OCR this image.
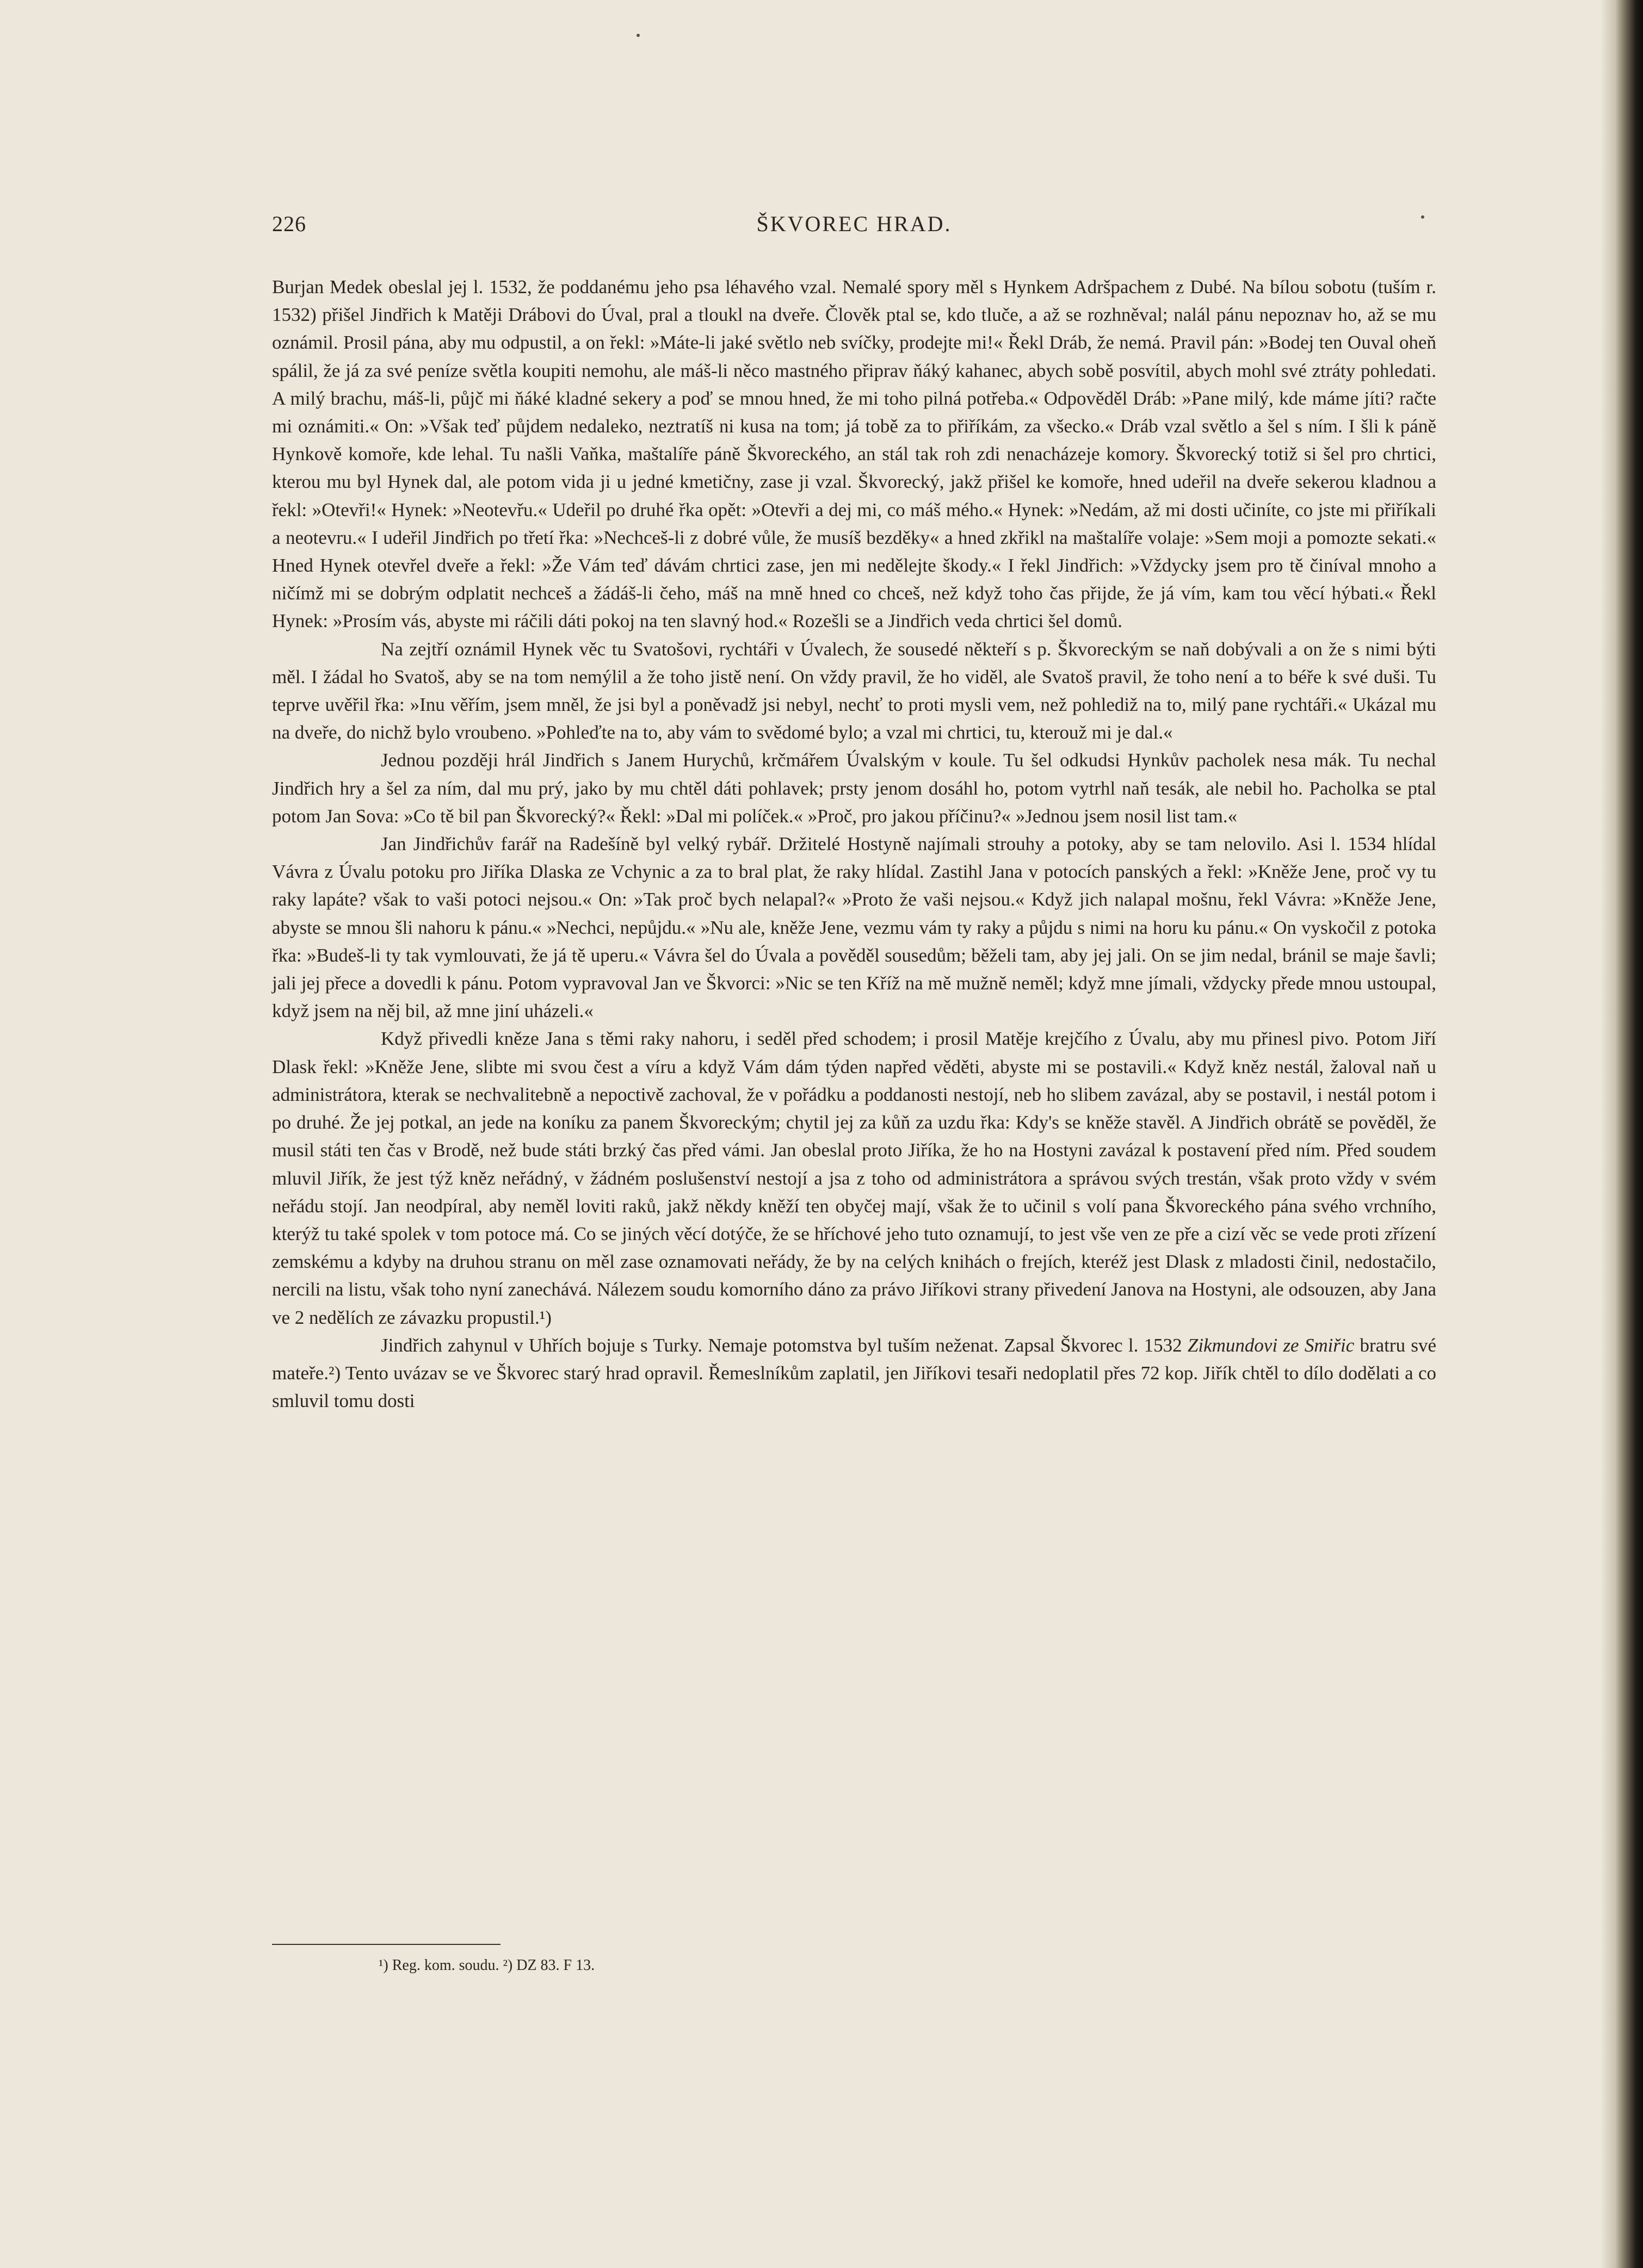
226	ŠKVOREC HRAD.

Burjan Medek obeslal jej l. 1532, že poddanému jeho psa léhavého vzal. Nemalé spory měl s Hynkem Adršpachem z Dubé. Na bílou sobotu (tuším r. 1532) přišel Jindřich k Matěji Drábovi do Úval, pral a tloukl na dveře. Člověk ptal se, kdo tluče, a až se rozhněval; nalál pánu nepoznav ho, až se mu oznámil. Prosil pána, aby mu odpustil, a on řekl: »Máte-li jaké světlo neb svíčky, prodejte mi!« Řekl Dráb, že nemá. Pravil pán: »Bodej ten Ouval oheň spálil, že já za své peníze světla koupiti nemohu, ale máš-li něco mastného připrav ňáký kahanec, abych sobě posvítil, abych mohl své ztráty pohledati. A milý brachu, máš-li, půjč mi ňáké kladné sekery a poď se mnou hned, že mi toho pilná potřeba.« Odpověděl Dráb: »Pane milý, kde máme jíti? račte mi oznámiti.« On: »Však teď půjdem nedaleko, neztratíš ni kusa na tom; já tobě za to přiříkám, za všecko.« Dráb vzal světlo a šel s ním. I šli k páně Hynkově komoře, kde lehal. Tu našli Vaňka, maštalíře páně Škvoreckého, an stál tak roh zdi nenacházeje komory. Škvorecký totiž si šel pro chrtici, kterou mu byl Hynek dal, ale potom vida ji u jedné kmetičny, zase ji vzal. Škvorecký, jakž přišel ke komoře, hned udeřil na dveře sekerou kladnou a řekl: »Otevři!« Hynek: »Neotevřu.« Udeřil po druhé řka opět: »Otevři a dej mi, co máš mého.« Hynek: »Nedám, až mi dosti učiníte, co jste mi přiříkali a neotevru.« I udeřil Jindřich po třetí řka: »Nechceš-li z dobré vůle, že musíš bezděky« a hned zkřikl na maštalíře volaje: »Sem moji a pomozte sekati.« Hned Hynek otevřel dveře a řekl: »Že Vám teď dávám chrtici zase, jen mi nedělejte škody.« I řekl Jindřich: »Vždycky jsem pro tě činíval mnoho a ničímž mi se dobrým odplatit nechceš a žádáš-li čeho, máš na mně hned co chceš, než když toho čas přijde, že já vím, kam tou věcí hýbati.« Řekl Hynek: »Prosím vás, abyste mi ráčili dáti pokoj na ten slavný hod.« Rozešli se a Jindřich veda chrtici šel domů.

Na zejtří oznámil Hynek věc tu Svatošovi, rychtáři v Úvalech, že sousedé někteří s p. Škvoreckým se naň dobývali a on že s nimi býti měl. I žádal ho Svatoš, aby se na tom nemýlil a že toho jistě není. On vždy pravil, že ho viděl, ale Svatoš pravil, že toho není a to béře k své duši. Tu teprve uvěřil řka: »Inu věřím, jsem mněl, že jsi byl a poněvadž jsi nebyl, nechť to proti mysli vem, než pohlediž na to, milý pane rychtáři.« Ukázal mu na dveře, do nichž bylo vroubeno. »Pohleďte na to, aby vám to svědomé bylo; a vzal mi chrtici, tu, kterouž mi je dal.«

Jednou později hrál Jindřich s Janem Hurychů, krčmářem Úvalským v koule. Tu šel odkudsi Hynkův pacholek nesa mák. Tu nechal Jindřich hry a šel za ním, dal mu prý, jako by mu chtěl dáti pohlavek; prsty jenom dosáhl ho, potom vytrhl naň tesák, ale nebil ho. Pacholka se ptal potom Jan Sova: »Co tě bil pan Škvorecký?« Řekl: »Dal mi políček.« »Proč, pro jakou příčinu?« »Jednou jsem nosil list tam.«

Jan Jindřichův farář na Radešíně byl velký rybář. Držitelé Hostyně najímali strouhy a potoky, aby se tam nelovilo. Asi l. 1534 hlídal Vávra z Úvalu potoku pro Jiříka Dlaska ze Vchynic a za to bral plat, že raky hlídal. Zastihl Jana v potocích panských a řekl: »Kněže Jene, proč vy tu raky lapáte? však to vaši potoci nejsou.« On: »Tak proč bych nelapal?« »Proto že vaši nejsou.« Když jich nalapal mošnu, řekl Vávra: »Kněže Jene, abyste se mnou šli nahoru k pánu.« »Nechci, nepůjdu.« »Nu ale, kněže Jene, vezmu vám ty raky a půjdu s nimi na horu ku pánu.« On vyskočil z potoka řka: »Budeš-li ty tak vymlouvati, že já tě uperu.« Vávra šel do Úvala a pověděl sousedům; běželi tam, aby jej jali. On se jim nedal, bránil se maje šavli; jali jej přece a dovedli k pánu. Potom vypravoval Jan ve Škvorci: »Nic se ten Kříž na mě mužně neměl; když mne jímali, vždycky přede mnou ustoupal, když jsem na něj bil, až mne jiní uházeli.«

Když přivedli kněze Jana s těmi raky nahoru, i seděl před schodem; i prosil Matěje krejčího z Úvalu, aby mu přinesl pivo. Potom Jiří Dlask řekl: »Kněže Jene, slibte mi svou čest a víru a když Vám dám týden napřed věděti, abyste mi se postavili.« Když kněz nestál, žaloval naň u administrátora, kterak se nechvalitebně a nepoctivě zachoval, že v pořádku a poddanosti nestojí, neb ho slibem zavázal, aby se postavil, i nestál potom i po druhé. Že jej potkal, an jede na koníku za panem Škvoreckým; chytil jej za kůň za uzdu řka: Kdy's se kněže stavěl. A Jindřich obrátě se pověděl, že musil státi ten čas v Brodě, než bude státi brzký čas před vámi. Jan obeslal proto Jiříka, že ho na Hostyni zavázal k postavení před ním. Před soudem mluvil Jiřík, že jest týž kněz neřádný, v žádném poslušenství nestojí a jsa z toho od administrátora a správou svých trestán, však proto vždy v svém neřádu stojí. Jan neodpíral, aby neměl loviti raků, jakž někdy kněží ten obyčej mají, však že to učinil s volí pana Škvoreckého pána svého vrchního, kterýž tu také spolek v tom potoce má. Co se jiných věcí dotýče, že se hříchové jeho tuto oznamují, to jest vše ven ze pře a cizí věc se vede proti zřízení zemskému a kdyby na druhou stranu on měl zase oznamovati neřády, že by na celých knihách o frejích, kteréž jest Dlask z mladosti činil, nedostačilo, nercili na listu, však toho nyní zanechává. Nálezem soudu komorního dáno za právo Jiříkovi strany přivedení Janova na Hostyni, ale odsouzen, aby Jana ve 2 nedělích ze závazku propustil.¹)

Jindřich zahynul v Uhřích bojuje s Turky. Nemaje potomstva byl tuším neženat. Zapsal Škvorec l. 1532 Zikmundovi ze Smiřic bratru své mateře.²) Tento uvázav se ve Škvorec starý hrad opravil. Řemeslníkům zaplatil, jen Jiříkovi tesaři nedoplatil přes 72 kop. Jiřík chtěl to dílo dodělati a co smluvil tomu dosti

¹) Reg. kom. soudu. ²) DZ 83. F 13.
